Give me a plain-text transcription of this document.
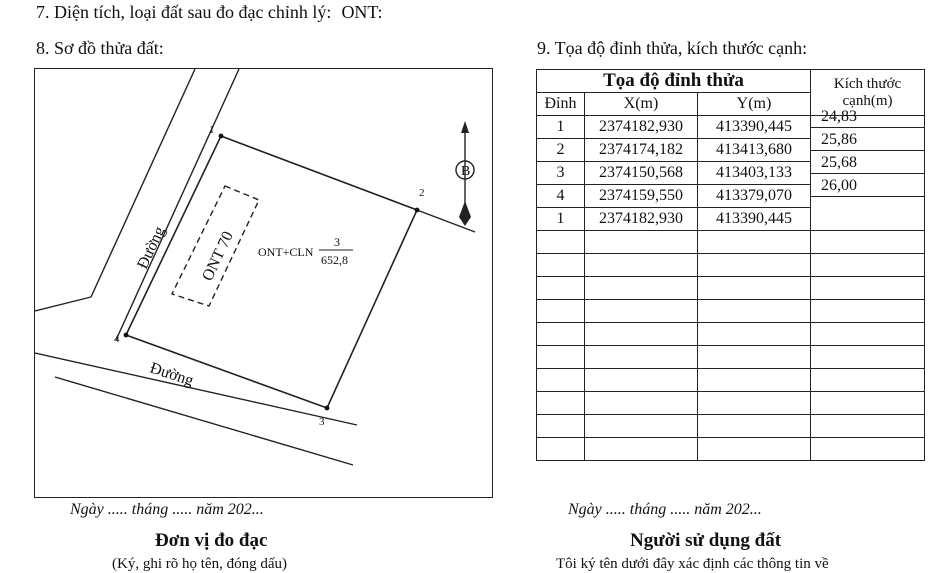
7. Diện tích, loại đất sau đo đạc chỉnh lý: ONT:
8. Sơ đồ thửa đất:	9. Tọa độ đỉnh thửa, kích thước cạnh:
1
2
3
4
B
Đường
Đường
ONT 70 ONT+CLN
3
652,8
Tọa độ đỉnh thửa			Kích thước cạnh(m)
Đỉnh	X(m)	Y(m)	
1	2374182,930	413390,445	24,83

2	2374174,182	413413,680	25,86

3	2374150,568	413403,133	25,68

4	2374159,550	413379,070	26,00

1	2374182,930	413390,445	

Ngày ..... tháng ..... năm 202...
Đơn vị đo đạc
(Ký, ghi rõ họ tên, đóng dấu)
Ngày ..... tháng ..... năm 202...
Người sử dụng đất
Tôi ký tên dưới đây xác định các thông tin về
